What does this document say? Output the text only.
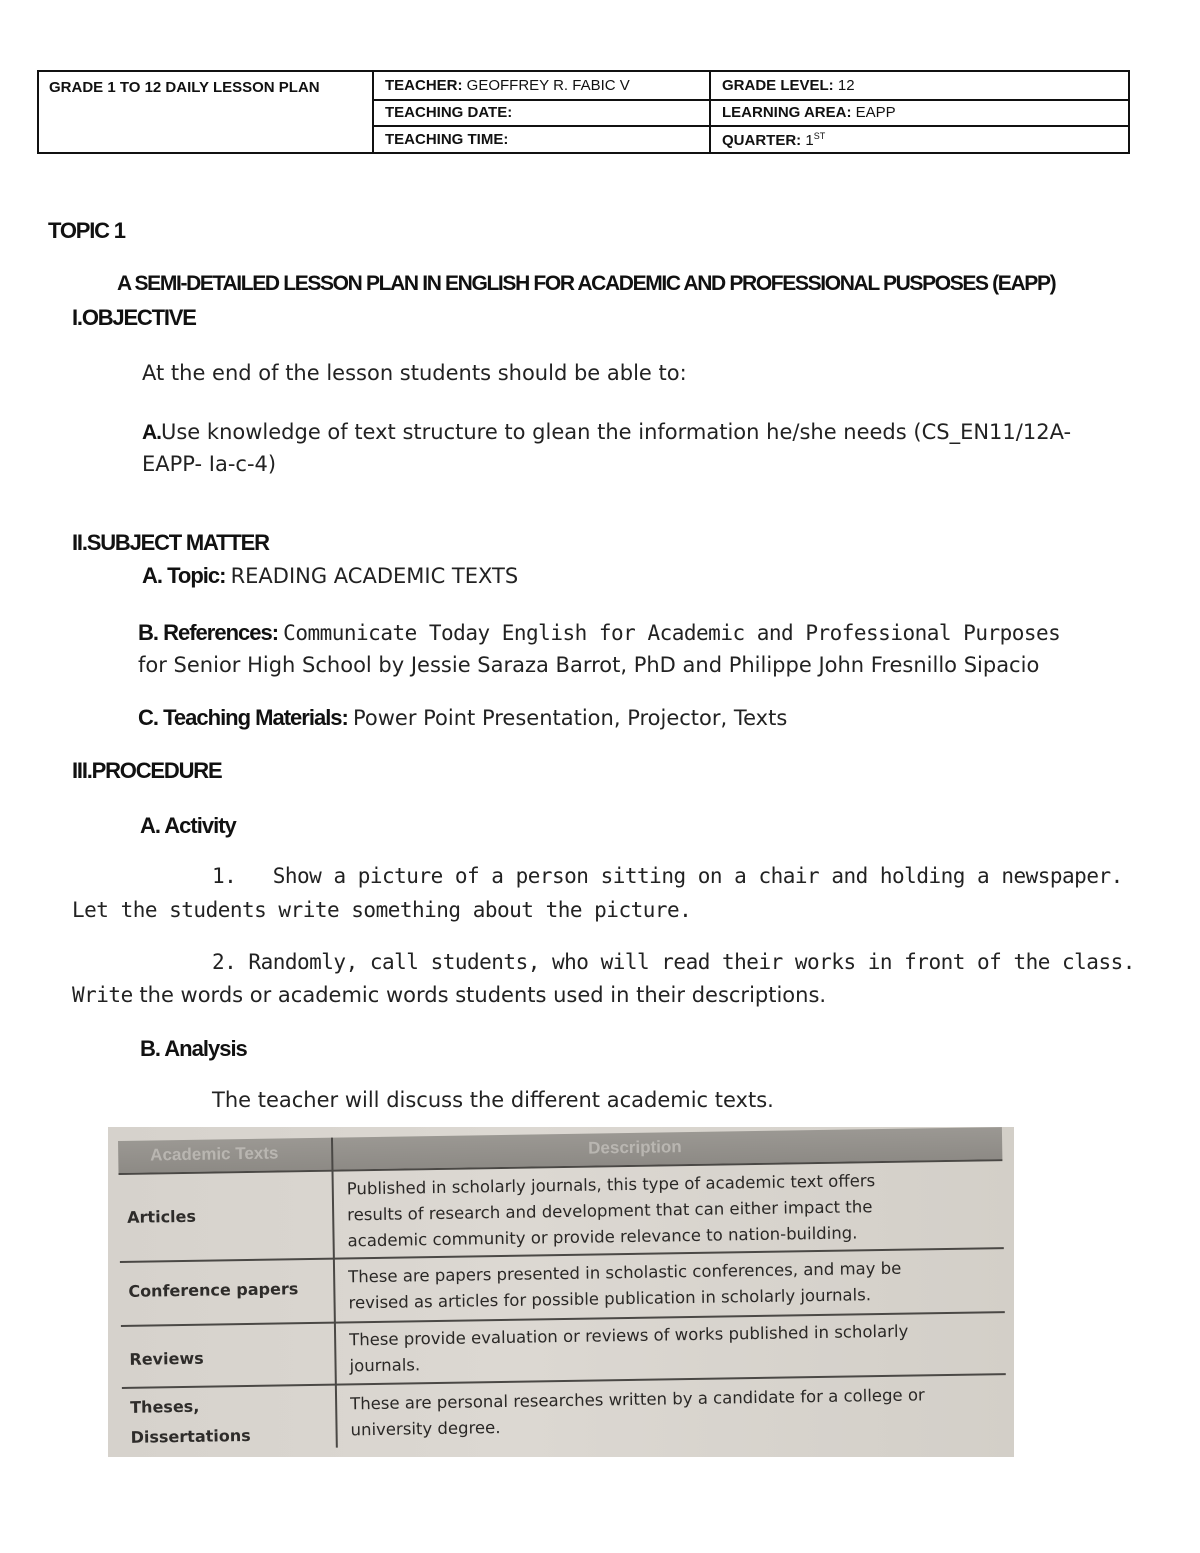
GRADE 1 TO 12 DAILY LESSON PLAN	TEACHER: GEOFFREY R. FABIC V
TEACHING DATE:
TEACHING TIME:
GRADE LEVEL: 12
LEARNING AREA: EAPP
QUARTER: 1ST
TOPIC 1
A SEMI-DETAILED LESSON PLAN IN ENGLISH FOR ACADEMIC AND PROFESSIONAL PUSPOSES (EAPP)
I.OBJECTIVE
At the end of the lesson students should be able to:
A.Use knowledge of text structure to glean the information he/she needs (CS_EN11/12A-
EAPP- Ia-c-4)
II.SUBJECT MATTER
A. Topic: READING ACADEMIC TEXTS
B. References: Communicate Today English for Academic and Professional Purposes
for Senior High School by Jessie Saraza Barrot, PhD and Philippe John Fresnillo Sipacio
C. Teaching Materials: Power Point Presentation, Projector, Texts
III.PROCEDURE
A. Activity
1. Show a picture of a person sitting on a chair and holding a newspaper.
Let the students write something about the picture.
2. Randomly, call students, who will read their works in front of the class.
Write the words or academic words students used in their descriptions.
B. Analysis
The teacher will discuss the different academic texts.
Academic Texts	Description
Articles
Published in scholarly journals, this type of academic text offers
results of research and development that can either impact the
academic community or provide relevance to nation-building.
Conference papers
These are papers presented in scholastic conferences, and may be
revised as articles for possible publication in scholarly journals.
Reviews
These provide evaluation or reviews of works published in scholarly
journals.
Theses,
Dissertations
These are personal researches written by a candidate for a college or
university degree.
